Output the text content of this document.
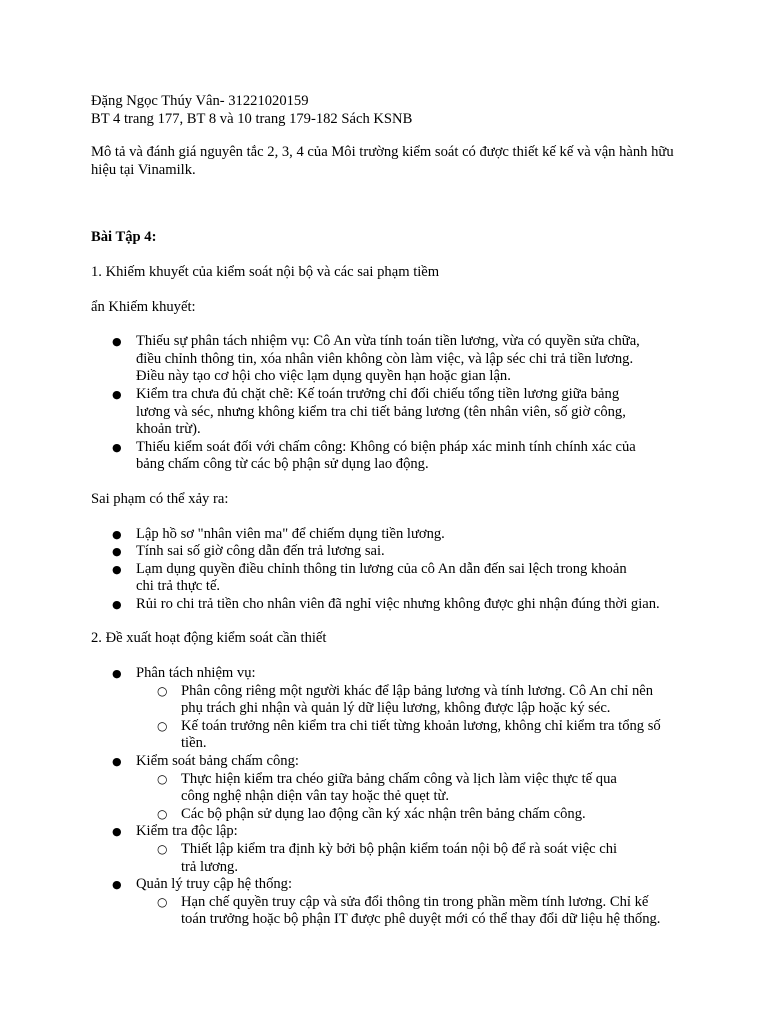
Đặng Ngọc Thúy Vân- 31221020159

BT 4 trang 177, BT 8 và 10 trang 179-182 Sách KSNB

Mô tả và đánh giá nguyên tắc 2, 3, 4 của Môi trường kiểm soát có được thiết kế kế và vận hành hữu hiệu tại Vinamilk.

Bài Tập 4:

1. Khiếm khuyết của kiểm soát nội bộ và các sai phạm tiềm

ẩn Khiếm khuyết:

● Thiếu sự phân tách nhiệm vụ: Cô An vừa tính toán tiền lương, vừa có quyền sửa chữa, điều chỉnh thông tin, xóa nhân viên không còn làm việc, và lập séc chi trả tiền lương. Điều này tạo cơ hội cho việc lạm dụng quyền hạn hoặc gian lận.
● Kiểm tra chưa đủ chặt chẽ: Kế toán trưởng chỉ đối chiếu tổng tiền lương giữa bảng lương và séc, nhưng không kiểm tra chi tiết bảng lương (tên nhân viên, số giờ công, khoản trừ).
● Thiếu kiểm soát đối với chấm công: Không có biện pháp xác minh tính chính xác của bảng chấm công từ các bộ phận sử dụng lao động.

Sai phạm có thể xảy ra:

● Lập hồ sơ "nhân viên ma" để chiếm dụng tiền lương.
● Tính sai số giờ công dẫn đến trả lương sai.
● Lạm dụng quyền điều chỉnh thông tin lương của cô An dẫn đến sai lệch trong khoản chi trả thực tế.
● Rủi ro chi trả tiền cho nhân viên đã nghỉ việc nhưng không được ghi nhận đúng thời gian.

2. Đề xuất hoạt động kiểm soát cần thiết

● Phân tách nhiệm vụ:
○ Phân công riêng một người khác để lập bảng lương và tính lương. Cô An chỉ nên phụ trách ghi nhận và quản lý dữ liệu lương, không được lập hoặc ký séc.
○ Kế toán trưởng nên kiểm tra chi tiết từng khoản lương, không chỉ kiểm tra tổng số tiền.
● Kiểm soát bảng chấm công:
○ Thực hiện kiểm tra chéo giữa bảng chấm công và lịch làm việc thực tế qua công nghệ nhận diện vân tay hoặc thẻ quẹt từ.
○ Các bộ phận sử dụng lao động cần ký xác nhận trên bảng chấm công.
● Kiểm tra độc lập:
○ Thiết lập kiểm tra định kỳ bởi bộ phận kiểm toán nội bộ để rà soát việc chi trả lương.
● Quản lý truy cập hệ thống:
○ Hạn chế quyền truy cập và sửa đổi thông tin trong phần mềm tính lương. Chỉ kế toán trưởng hoặc bộ phận IT được phê duyệt mới có thể thay đổi dữ liệu hệ thống.
